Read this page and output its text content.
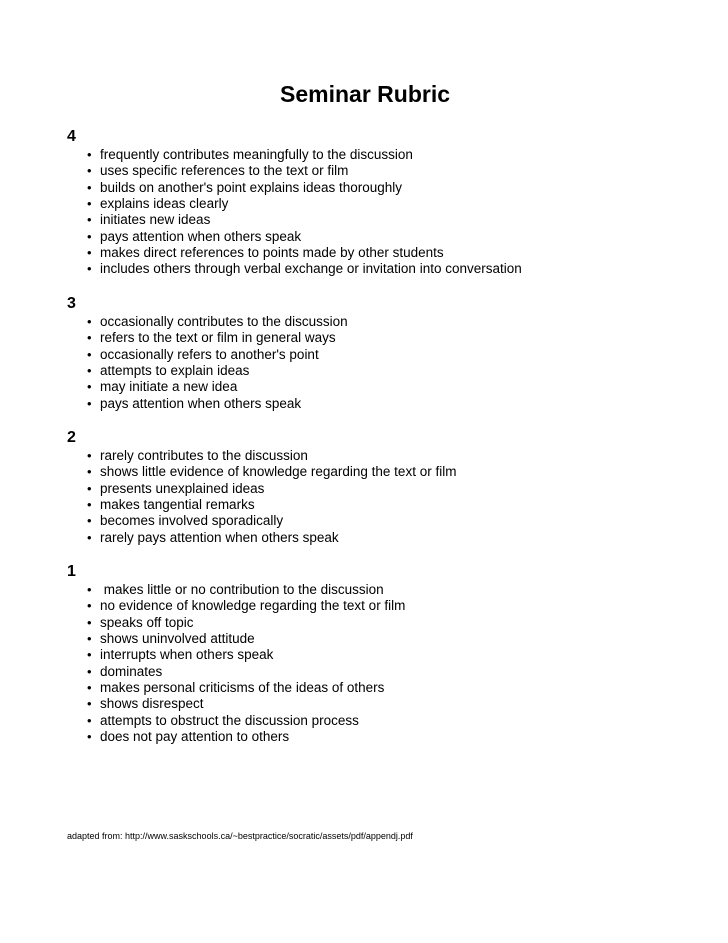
Seminar Rubric

4

• frequently contributes meaningfully to the discussion
• uses specific references to the text or film
• builds on another's point explains ideas thoroughly
• explains ideas clearly
• initiates new ideas
• pays attention when others speak
• makes direct references to points made by other students
• includes others through verbal exchange or invitation into conversation

3

• occasionally contributes to the discussion
• refers to the text or film in general ways
• occasionally refers to another's point
• attempts to explain ideas
• may initiate a new idea
• pays attention when others speak

2

• rarely contributes to the discussion
• shows little evidence of knowledge regarding the text or film
• presents unexplained ideas
• makes tangential remarks
• becomes involved sporadically
• rarely pays attention when others speak

1

• makes little or no contribution to the discussion
• no evidence of knowledge regarding the text or film
• speaks off topic
• shows uninvolved attitude
• interrupts when others speak
• dominates
• makes personal criticisms of the ideas of others
• shows disrespect
• attempts to obstruct the discussion process
• does not pay attention to others

adapted from: http://www.saskschools.ca/~bestpractice/socratic/assets/pdf/appendj.pdf
